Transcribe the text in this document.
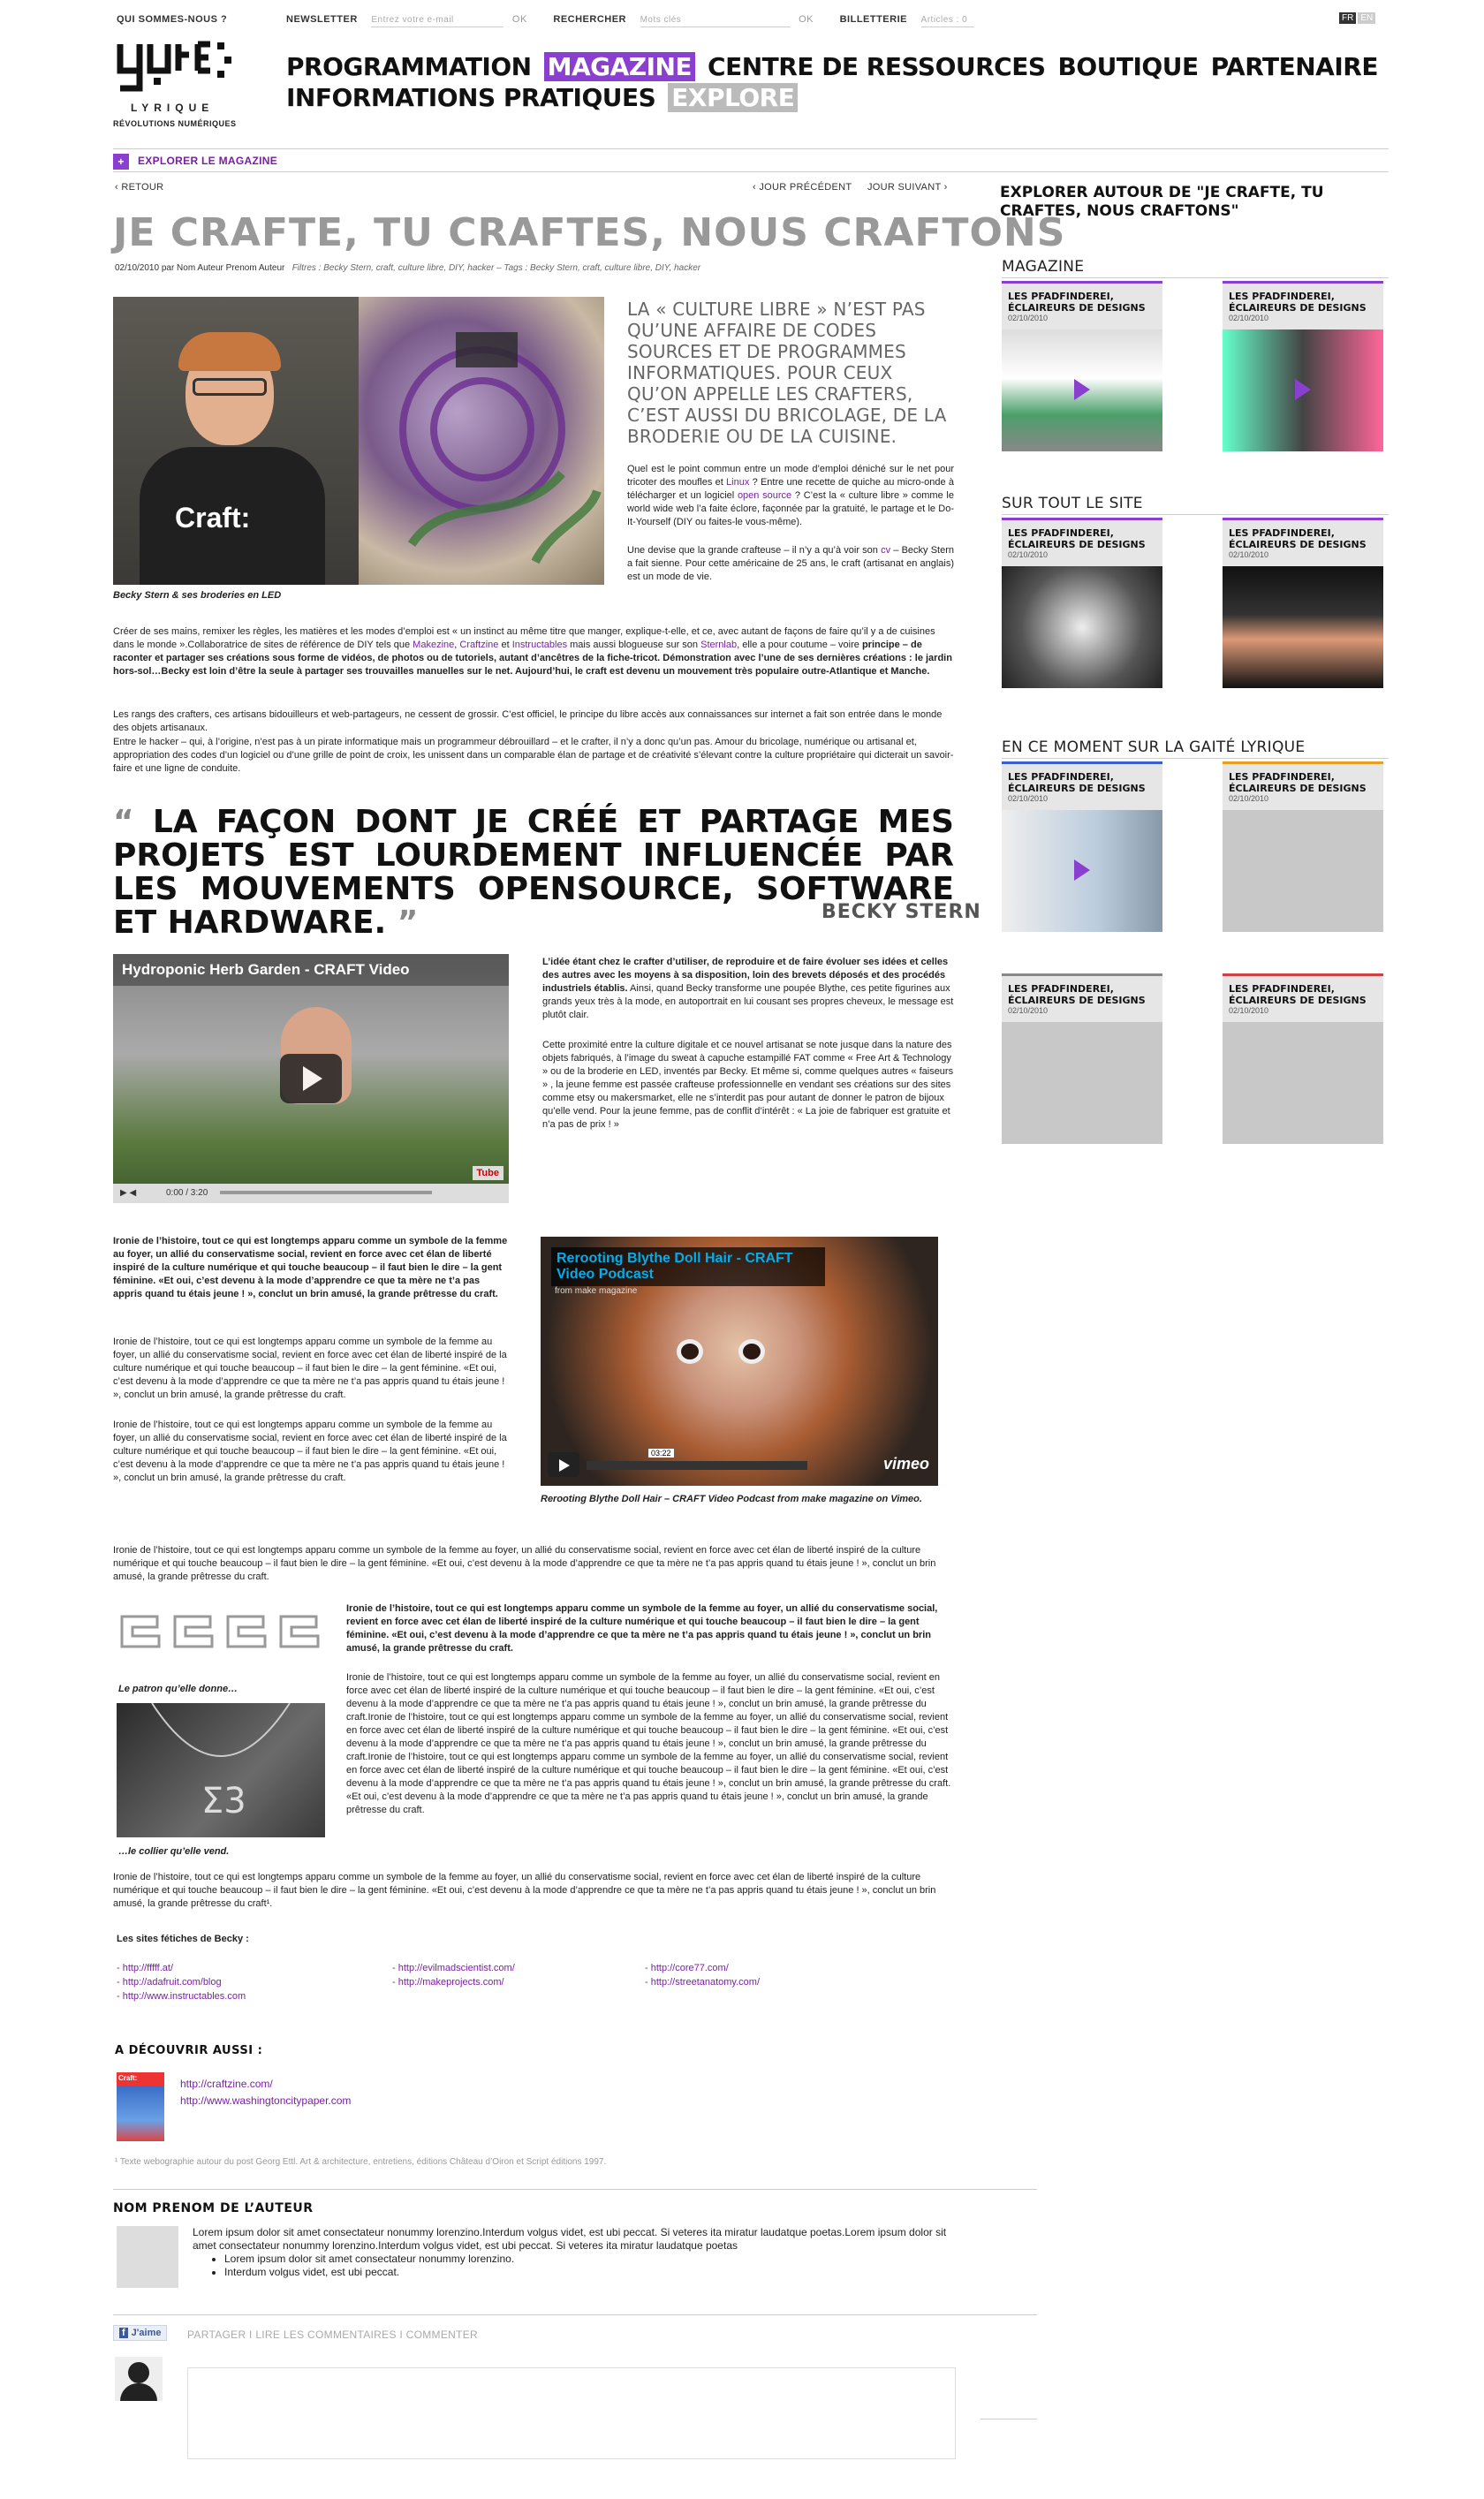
QUI SOMMES-NOUS ?	NEWSLETTER Entrez votre e-mail	OK	RECHERCHER Mots clés	OK	BILLETTERIE Articles : 0	FR EN
LYRIQUE
RÉVOLUTIONS NUMÉRIQUES
PROGRAMMATION MAGAZINE CENTRE DE RESSOURCES BOUTIQUE PARTENAIRE
INFORMATIONS PRATIQUES EXPLORE
+ EXPLORER LE MAGAZINE
‹ RETOUR	‹ JOUR PRÉCÉDENT JOUR SUIVANT ›
JE CRAFTE, TU CRAFTES, NOUS CRAFTONS
02/10/2010 par Nom Auteur Prenom Auteur Filtres : Becky Stern, craft, culture libre, DIY, hacker – Tags : Becky Stern, craft, culture libre, DIY, hacker
Craft:
Becky Stern & ses broderies en LED
LA « CULTURE LIBRE » N’EST PAS QU’UNE AFFAIRE DE CODES SOURCES ET DE PROGRAMMES INFORMATIQUES. POUR CEUX QU’ON APPELLE LES CRAFTERS, C’EST AUSSI DU BRICOLAGE, DE LA BRODERIE OU DE LA CUISINE.
Quel est le point commun entre un mode d’emploi déniché sur le net pour tricoter des moufles et Linux ? Entre une recette de quiche au micro-onde à télécharger et un logiciel open source ? C’est la « culture libre » comme le world wide web l’a faite éclore, façonnée par la gratuité, le partage et le Do-It-Yourself (DIY ou faites-le vous-même).
Une devise que la grande crafteuse – il n’y a qu’à voir son cv – Becky Stern a fait sienne. Pour cette américaine de 25 ans, le craft (artisanat en anglais) est un mode de vie.
Créer de ses mains, remixer les règles, les matières et les modes d’emploi est « un instinct au même titre que manger, explique-t-elle, et ce, avec autant de façons de faire qu’il y a de cuisines dans le monde ».Collaboratrice de sites de référence de DIY tels que Makezine, Craftzine et Instructables mais aussi blogueuse sur son Sternlab, elle a pour coutume – voire principe – de raconter et partager ses créations sous forme de vidéos, de photos ou de tutoriels, autant d’ancêtres de la fiche-tricot. Démonstration avec l’une de ses dernières créations : le jardin hors-sol…Becky est loin d’être la seule à partager ses trouvailles manuelles sur le net. Aujourd’hui, le craft est devenu un mouvement très populaire outre-Atlantique et Manche.
Les rangs des crafters, ces artisans bidouilleurs et web-partageurs, ne cessent de grossir. C’est officiel, le principe du libre accès aux connaissances sur internet a fait son entrée dans le monde des objets artisanaux.
Entre le hacker – qui, à l’origine, n’est pas à un pirate informatique mais un programmeur débrouillard – et le crafter, il n’y a donc qu’un pas. Amour du bricolage, numérique ou artisanal et, appropriation des codes d’un logiciel ou d’une grille de point de croix, les unissent dans un comparable élan de partage et de créativité s’élevant contre la culture propriétaire qui dicterait un savoir-faire et une ligne de conduite.
“ LA FAÇON DONT JE CRÉÉ ET PARTAGE MES PROJETS EST LOURDEMENT INFLUENCÉE PAR LES MOUVEMENTS OPENSOURCE, SOFTWARE ET HARDWARE. ”	BECKY STERN
Hydroponic Herb Garden - CRAFT Video
Tube
▶ ◀	0:00 / 3:20
L’idée étant chez le crafter d’utiliser, de reproduire et de faire évoluer ses idées et celles des autres avec les moyens à sa disposition, loin des brevets déposés et des procédés industriels établis. Ainsi, quand Becky transforme une poupée Blythe, ces petite figurines aux grands yeux très à la mode, en autoportrait en lui cousant ses propres cheveux, le message est plutôt clair.
Cette proximité entre la culture digitale et ce nouvel artisanat se note jusque dans la nature des objets fabriqués, à l’image du sweat à capuche estampillé FAT comme « Free Art & Technology » ou de la broderie en LED, inventés par Becky. Et même si, comme quelques autres « faiseurs » , la jeune femme est passée crafteuse professionnelle en vendant ses créations sur des sites comme etsy ou makersmarket, elle ne s’interdit pas pour autant de donner le patron de bijoux qu’elle vend. Pour la jeune femme, pas de conflit d’intérêt : « La joie de fabriquer est gratuite et n’a pas de prix ! »
Ironie de l’histoire, tout ce qui est longtemps apparu comme un symbole de la femme au foyer, un allié du conservatisme social, revient en force avec cet élan de liberté inspiré de la culture numérique et qui touche beaucoup – il faut bien le dire – la gent féminine. «Et oui, c’est devenu à la mode d’apprendre ce que ta mère ne t’a pas appris quand tu étais jeune ! », conclut un brin amusé, la grande prêtresse du craft.
Ironie de l’histoire, tout ce qui est longtemps apparu comme un symbole de la femme au foyer, un allié du conservatisme social, revient en force avec cet élan de liberté inspiré de la culture numérique et qui touche beaucoup – il faut bien le dire – la gent féminine. «Et oui, c’est devenu à la mode d’apprendre ce que ta mère ne t’a pas appris quand tu étais jeune ! », conclut un brin amusé, la grande prêtresse du craft.
Ironie de l’histoire, tout ce qui est longtemps apparu comme un symbole de la femme au foyer, un allié du conservatisme social, revient en force avec cet élan de liberté inspiré de la culture numérique et qui touche beaucoup – il faut bien le dire – la gent féminine. «Et oui, c’est devenu à la mode d’apprendre ce que ta mère ne t’a pas appris quand tu étais jeune ! », conclut un brin amusé, la grande prêtresse du craft.
Rerooting Blythe Doll Hair - CRAFT Video Podcast
from make magazine
03:22
vimeo
Rerooting Blythe Doll Hair – CRAFT Video Podcast from make magazine on Vimeo.
Ironie de l’histoire, tout ce qui est longtemps apparu comme un symbole de la femme au foyer, un allié du conservatisme social, revient en force avec cet élan de liberté inspiré de la culture numérique et qui touche beaucoup – il faut bien le dire – la gent féminine. «Et oui, c’est devenu à la mode d’apprendre ce que ta mère ne t’a pas appris quand tu étais jeune ! », conclut un brin amusé, la grande prêtresse du craft.
Le patron qu’elle donne…
Σ3
…le collier qu’elle vend.
Ironie de l’histoire, tout ce qui est longtemps apparu comme un symbole de la femme au foyer, un allié du conservatisme social, revient en force avec cet élan de liberté inspiré de la culture numérique et qui touche beaucoup – il faut bien le dire – la gent féminine. «Et oui, c’est devenu à la mode d’apprendre ce que ta mère ne t’a pas appris quand tu étais jeune ! », conclut un brin amusé, la grande prêtresse du craft.
Ironie de l’histoire, tout ce qui est longtemps apparu comme un symbole de la femme au foyer, un allié du conservatisme social, revient en force avec cet élan de liberté inspiré de la culture numérique et qui touche beaucoup – il faut bien le dire – la gent féminine. «Et oui, c’est devenu à la mode d’apprendre ce que ta mère ne t’a pas appris quand tu étais jeune ! », conclut un brin amusé, la grande prêtresse du craft.Ironie de l’histoire, tout ce qui est longtemps apparu comme un symbole de la femme au foyer, un allié du conservatisme social, revient en force avec cet élan de liberté inspiré de la culture numérique et qui touche beaucoup – il faut bien le dire – la gent féminine. «Et oui, c’est devenu à la mode d’apprendre ce que ta mère ne t’a pas appris quand tu étais jeune ! », conclut un brin amusé, la grande prêtresse du craft.Ironie de l’histoire, tout ce qui est longtemps apparu comme un symbole de la femme au foyer, un allié du conservatisme social, revient en force avec cet élan de liberté inspiré de la culture numérique et qui touche beaucoup – il faut bien le dire – la gent féminine. «Et oui, c’est devenu à la mode d’apprendre ce que ta mère ne t’a pas appris quand tu étais jeune ! », conclut un brin amusé, la grande prêtresse du craft. «Et oui, c’est devenu à la mode d’apprendre ce que ta mère ne t’a pas appris quand tu étais jeune ! », conclut un brin amusé, la grande prêtresse du craft.
Ironie de l’histoire, tout ce qui est longtemps apparu comme un symbole de la femme au foyer, un allié du conservatisme social, revient en force avec cet élan de liberté inspiré de la culture numérique et qui touche beaucoup – il faut bien le dire – la gent féminine. «Et oui, c’est devenu à la mode d’apprendre ce que ta mère ne t’a pas appris quand tu étais jeune ! », conclut un brin amusé, la grande prêtresse du craft¹.
Les sites fétiches de Becky :
- http://fffff.at/
- http://adafruit.com/blog
- http://www.instructables.com
- http://evilmadscientist.com/
- http://makeprojects.com/
- http://core77.com/
- http://streetanatomy.com/
A DÉCOUVRIR AUSSI :
Craft:	http://craftzine.com/
http://www.washingtoncitypaper.com
¹ Texte webographie autour du post Georg Ettl. Art & architecture, entretiens, éditions Château d’Oiron et Script éditions 1997.
NOM PRENOM DE L’AUTEUR
Lorem ipsum dolor sit amet consectateur nonummy lorenzino.Interdum volgus videt, est ubi peccat. Si veteres ita miratur laudatque poetas.Lorem ipsum dolor sit amet consectateur nonummy lorenzino.Interdum volgus videt, est ubi peccat. Si veteres ita miratur laudatque poetas
• Lorem ipsum dolor sit amet consectateur nonummy lorenzino.
• Interdum volgus videt, est ubi peccat.
f J'aime	PARTAGER I LIRE LES COMMENTAIRES I COMMENTER
EXPLORER AUTOUR DE "JE CRAFTE, TU CRAFTES, NOUS CRAFTONS"
MAGAZINE
SUR TOUT LE SITE
EN CE MOMENT SUR LA GAITÉ LYRIQUE
LES PFADFINDEREI, ÉCLAIREURS DE DESIGNS
02/10/2010
LES PFADFINDEREI, ÉCLAIREURS DE DESIGNS
02/10/2010
LES PFADFINDEREI, ÉCLAIREURS DE DESIGNS
02/10/2010
LES PFADFINDEREI, ÉCLAIREURS DE DESIGNS
02/10/2010
LES PFADFINDEREI, ÉCLAIREURS DE DESIGNS
02/10/2010
LES PFADFINDEREI, ÉCLAIREURS DE DESIGNS
02/10/2010
LES PFADFINDEREI, ÉCLAIREURS DE DESIGNS
02/10/2010
LES PFADFINDEREI, ÉCLAIREURS DE DESIGNS
02/10/2010
